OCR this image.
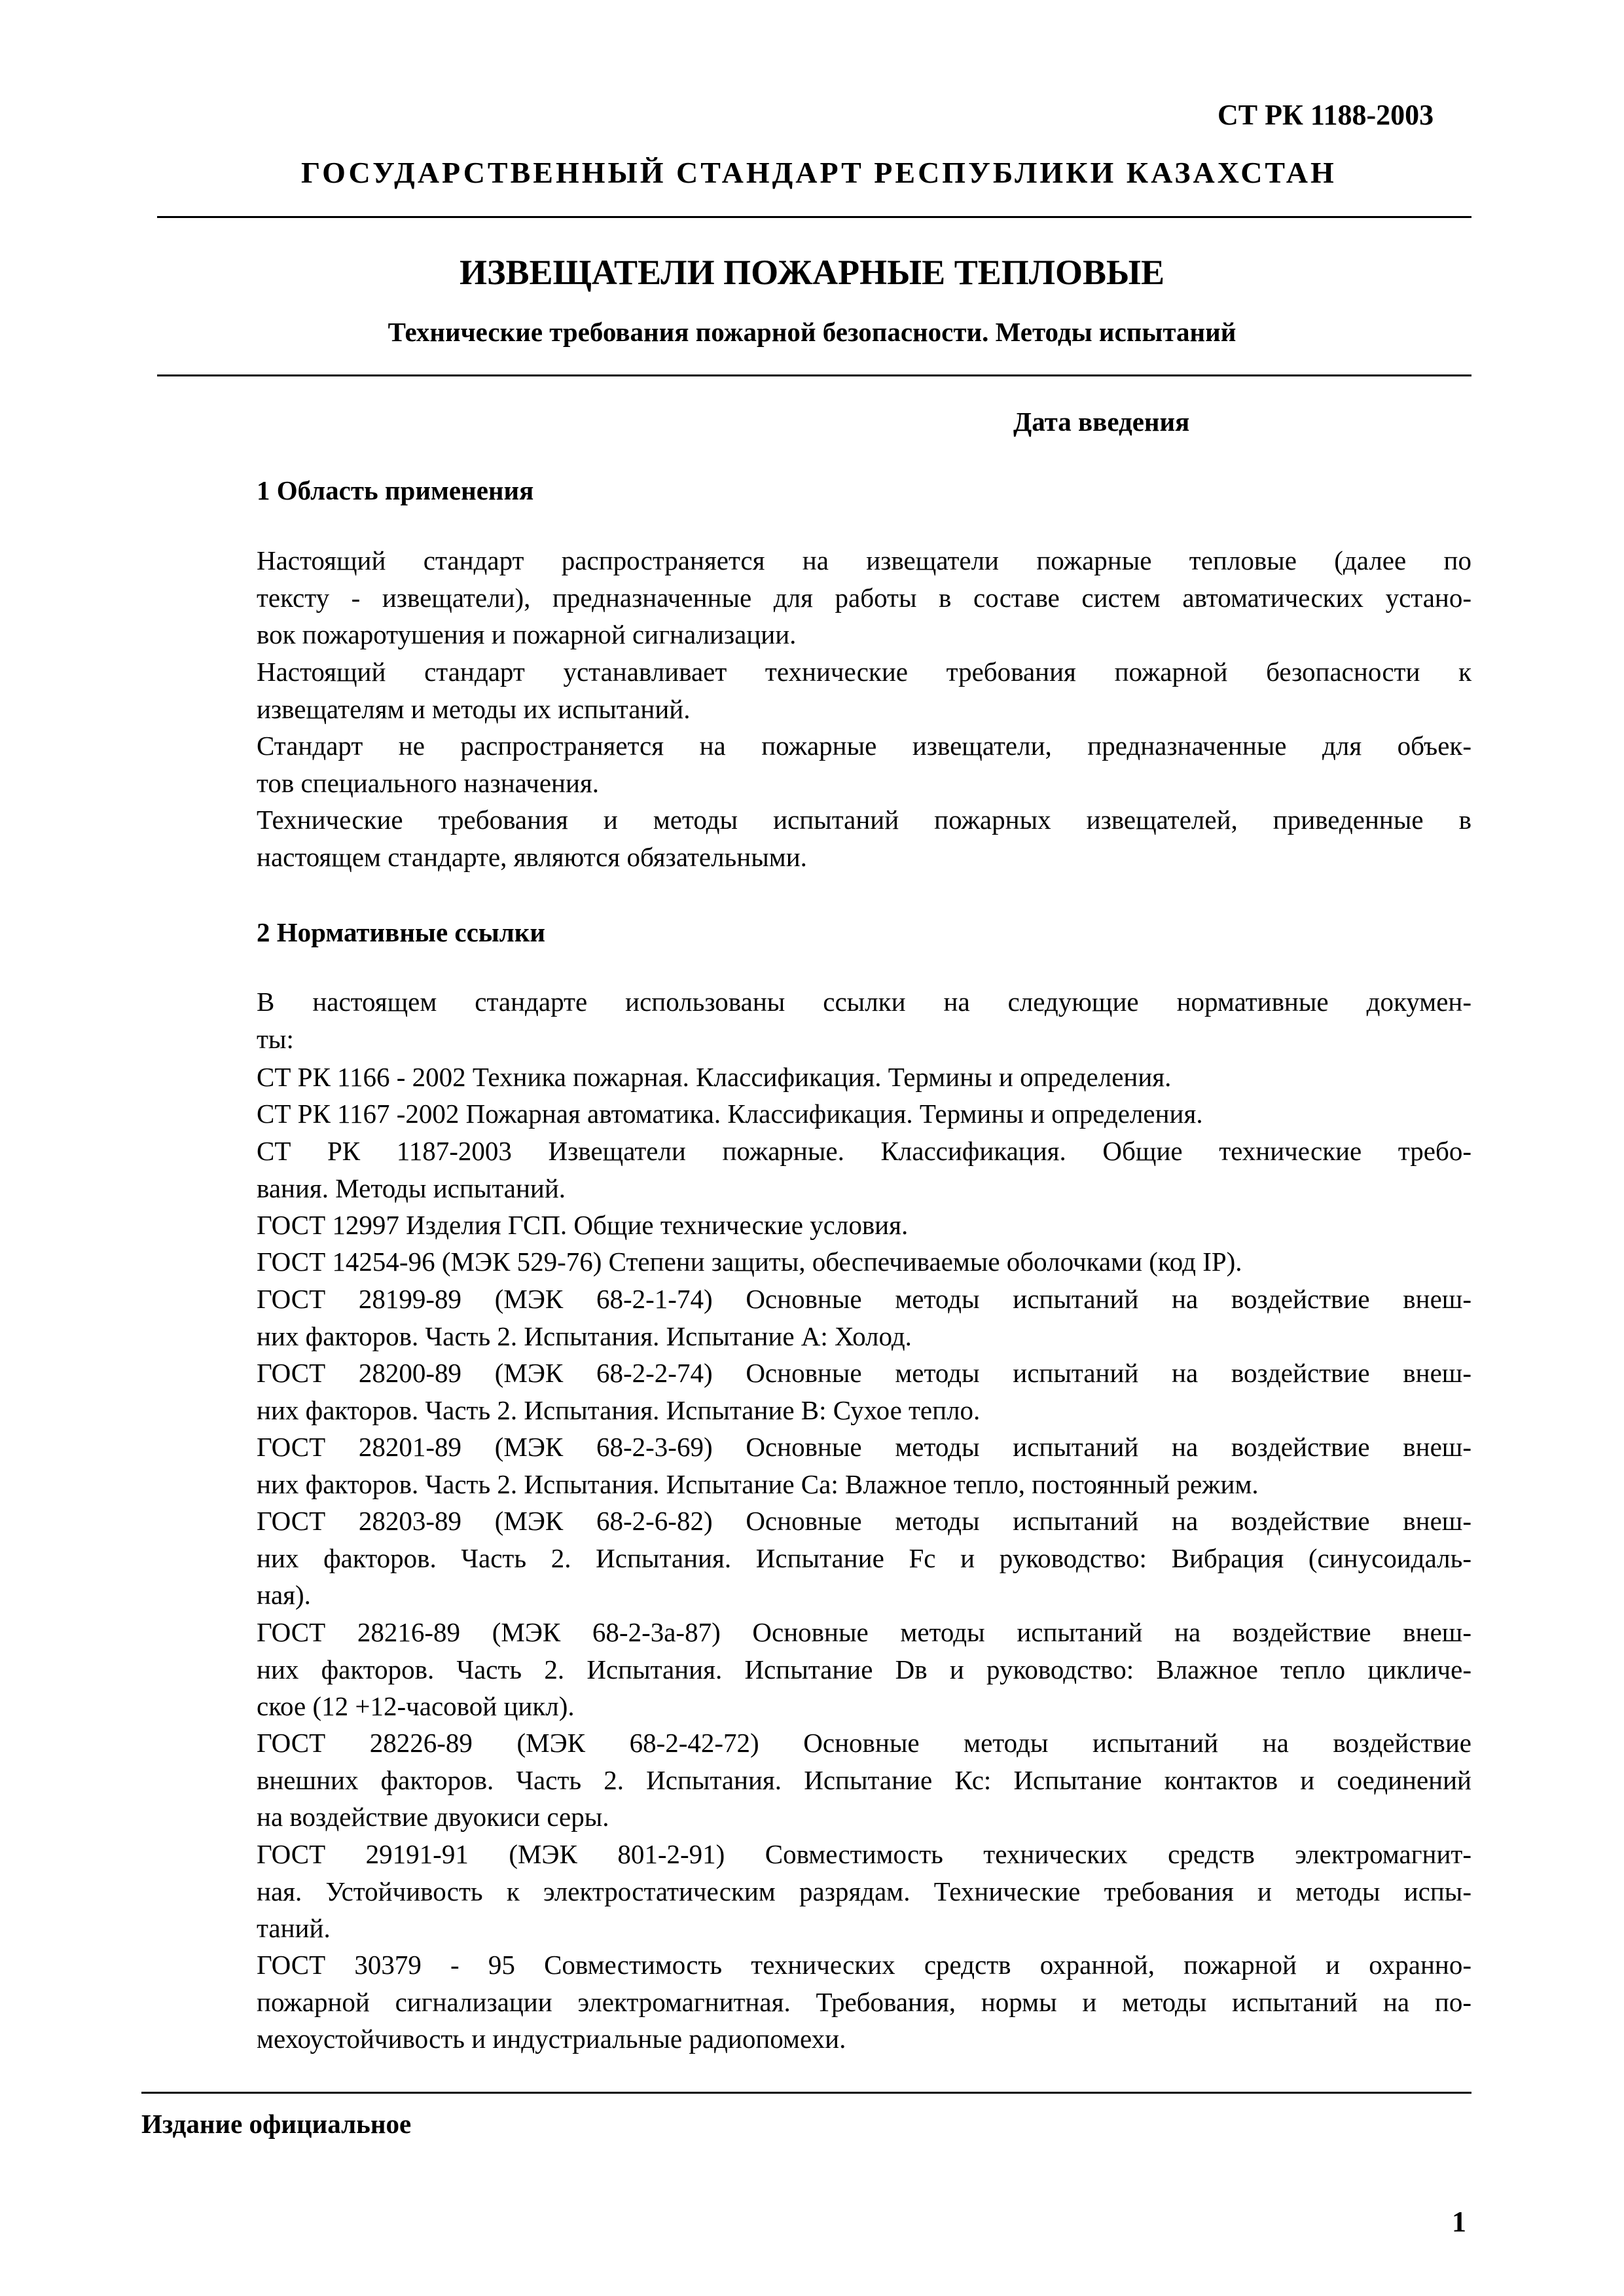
СТ РК 1188-2003
ГОСУДАРСТВЕННЫЙ СТАНДАРТ РЕСПУБЛИКИ КАЗАХСТАН
ИЗВЕЩАТЕЛИ ПОЖАРНЫЕ ТЕПЛОВЫЕ
Технические требования пожарной безопасности. Методы испытаний
Дата введения
1 Область применения
Настоящий стандарт распространяется на извещатели пожарные тепловые (далее по
тексту - извещатели), предназначенные для работы в составе систем автоматических устано-
вок пожаротушения и пожарной сигнализации.
Настоящий стандарт устанавливает технические требования пожарной безопасности к
извещателям и методы их испытаний.
Стандарт не распространяется на пожарные извещатели, предназначенные для объек-
тов специального назначения.
Технические требования и методы испытаний пожарных извещателей, приведенные в
настоящем стандарте, являются обязательными.
2 Нормативные ссылки
В настоящем стандарте использованы ссылки на следующие нормативные докумен-
ты:
СТ РК 1166 - 2002 Техника пожарная. Классификация. Термины и определения.
СТ РК 1167 -2002 Пожарная автоматика. Классификация. Термины и определения.
СТ РК 1187-2003 Извещатели пожарные. Классификация. Общие технические требо-
вания. Методы испытаний.
ГОСТ 12997 Изделия ГСП. Общие технические условия.
ГОСТ 14254-96 (МЭК 529-76) Степени защиты, обеспечиваемые оболочками (код IP).
ГОСТ 28199-89 (МЭК 68-2-1-74) Основные методы испытаний на воздействие внеш-
них факторов. Часть 2. Испытания. Испытание А: Холод.
ГОСТ 28200-89 (МЭК 68-2-2-74) Основные методы испытаний на воздействие внеш-
них факторов. Часть 2. Испытания. Испытание В: Сухое тепло.
ГОСТ 28201-89 (МЭК 68-2-3-69) Основные методы испытаний на воздействие внеш-
них факторов. Часть 2. Испытания. Испытание Са: Влажное тепло, постоянный режим.
ГОСТ 28203-89 (МЭК 68-2-6-82) Основные методы испытаний на воздействие внеш-
них факторов. Часть 2. Испытания. Испытание Fc и руководство: Вибрация (синусоидаль-
ная).
ГОСТ 28216-89 (МЭК 68-2-3а-87) Основные методы испытаний на воздействие внеш-
них факторов. Часть 2. Испытания. Испытание Dв и руководство: Влажное тепло цикличе-
ское (12 +12-часовой цикл).
ГОСТ 28226-89 (МЭК 68-2-42-72) Основные методы испытаний на воздействие
внешних факторов. Часть 2. Испытания. Испытание Кс: Испытание контактов и соединений
на воздействие двуокиси серы.
ГОСТ 29191-91 (МЭК 801-2-91) Совместимость технических средств электромагнит-
ная. Устойчивость к электростатическим разрядам. Технические требования и методы испы-
таний.
ГОСТ 30379 - 95 Совместимость технических средств охранной, пожарной и охранно-
пожарной сигнализации электромагнитная. Требования, нормы и методы испытаний на по-
мехоустойчивость и индустриальные радиопомехи.
Издание официальное
1
